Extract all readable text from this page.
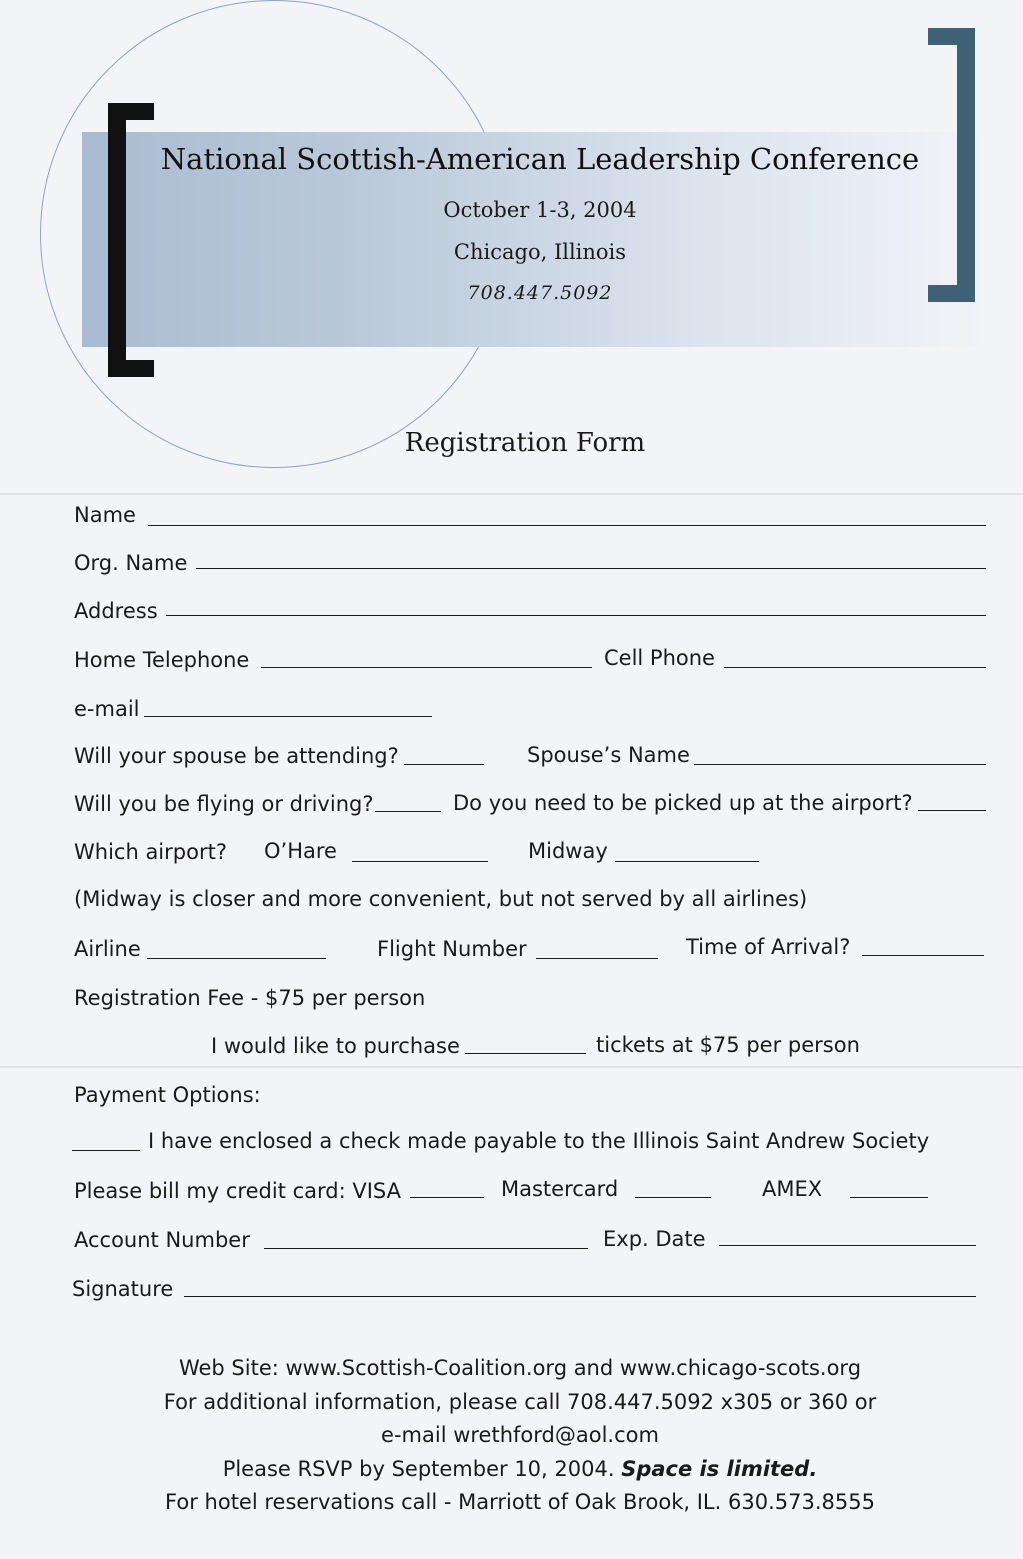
National Scottish-American Leadership Conference
October 1-3, 2004
Chicago, Illinois
708.447.5092
Registration Form
Name
Org. Name
Address
Home Telephone	Cell Phone
e-mail
Will your spouse be attending?	Spouse’s Name
Will you be flying or driving?	Do you need to be picked up at the airport?
Which airport? O’Hare	Midway
(Midway is closer and more convenient, but not served by all airlines)
Airline	Flight Number	Time of Arrival?
Registration Fee - $75 per person
I would like to purchase	tickets at $75 per person
Payment Options:
I have enclosed a check made payable to the Illinois Saint Andrew Society
Please bill my credit card: VISA	Mastercard	AMEX
Account Number	Exp. Date
Signature
Web Site: www.Scottish-Coalition.org and www.chicago-scots.org
For additional information, please call 708.447.5092 x305 or 360 or
e-mail wrethford@aol.com
Please RSVP by September 10, 2004. Space is limited.
For hotel reservations call - Marriott of Oak Brook, IL. 630.573.8555
